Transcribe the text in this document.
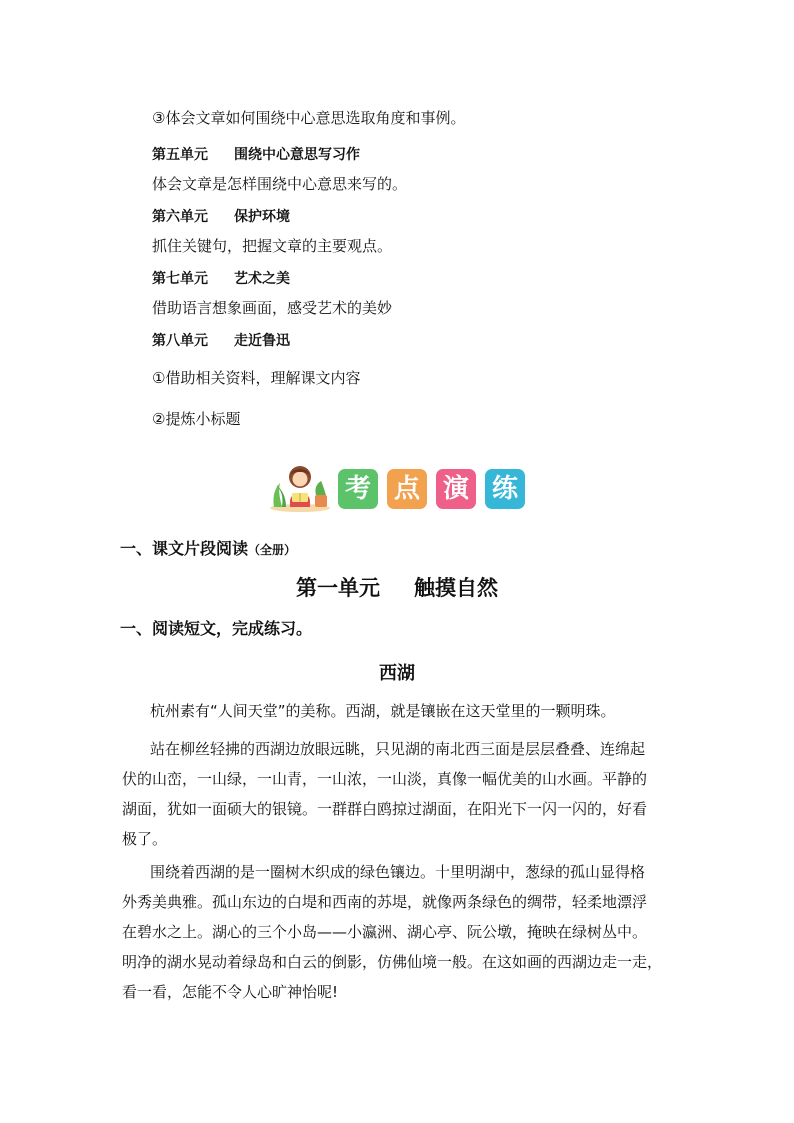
③体会文章如何围绕中心意思选取角度和事例。
第五单元 围绕中心意思写习作
体会文章是怎样围绕中心意思来写的。
第六单元 保护环境
抓住关键句，把握文章的主要观点。
第七单元 艺术之美
借助语言想象画面，感受艺术的美妙
第八单元 走近鲁迅
①借助相关资料，理解课文内容
②提炼小标题
考 点 演 练
一、课文片段阅读（全册）
第一单元 触摸自然
一、阅读短文，完成练习。
西湖
杭州素有“人间天堂”的美称。西湖，就是镶嵌在这天堂里的一颗明珠。
站在柳丝轻拂的西湖边放眼远眺，只见湖的南北西三面是层层叠叠、连绵起
伏的山峦，一山绿，一山青，一山浓，一山淡，真像一幅优美的山水画。平静的
湖面，犹如一面硕大的银镜。一群群白鸥掠过湖面，在阳光下一闪一闪的，好看
极了。
围绕着西湖的是一圈树木织成的绿色镶边。十里明湖中，葱绿的孤山显得格
外秀美典雅。孤山东边的白堤和西南的苏堤，就像两条绿色的绸带，轻柔地漂浮
在碧水之上。湖心的三个小岛——小瀛洲、湖心亭、阮公墩，掩映在绿树丛中。
明净的湖水晃动着绿岛和白云的倒影，仿佛仙境一般。在这如画的西湖边走一走，
看一看，怎能不令人心旷神怡呢!
